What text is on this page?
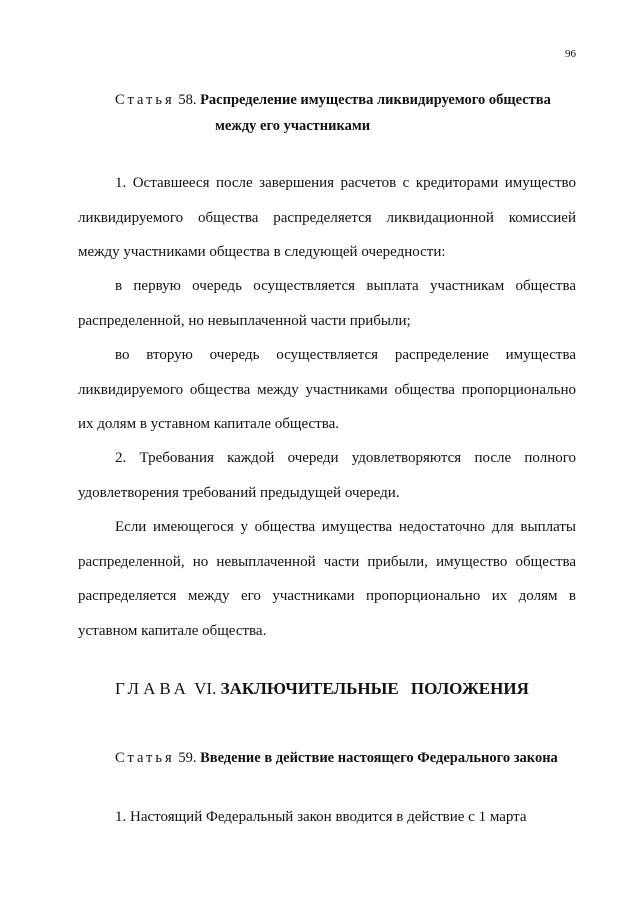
96
Статья 58. Распределение имущества ликвидируемого общества
между его участниками

1. Оставшееся после завершения расчетов с кредиторами имущество ликвидируемого общества распределяется ликвидационной комиссией между участниками общества в следующей очередности:

в первую очередь осуществляется выплата участникам общества распределенной, но невыплаченной части прибыли;

во вторую очередь осуществляется распределение имущества ликвидируемого общества между участниками общества пропорционально их долям в уставном капитале общества.

2. Требования каждой очереди удовлетворяются после полного удовлетворения требований предыдущей очереди.

Если имеющегося у общества имущества недостаточно для выплаты распределенной, но невыплаченной части прибыли, имущество общества распределяется между его участниками пропорционально их долям в уставном капитале общества.

ГЛАВА VI. ЗАКЛЮЧИТЕЛЬНЫЕ ПОЛОЖЕНИЯ
Статья 59. Введение в действие настоящего Федерального закона

1. Настоящий Федеральный закон вводится в действие с 1 марта
